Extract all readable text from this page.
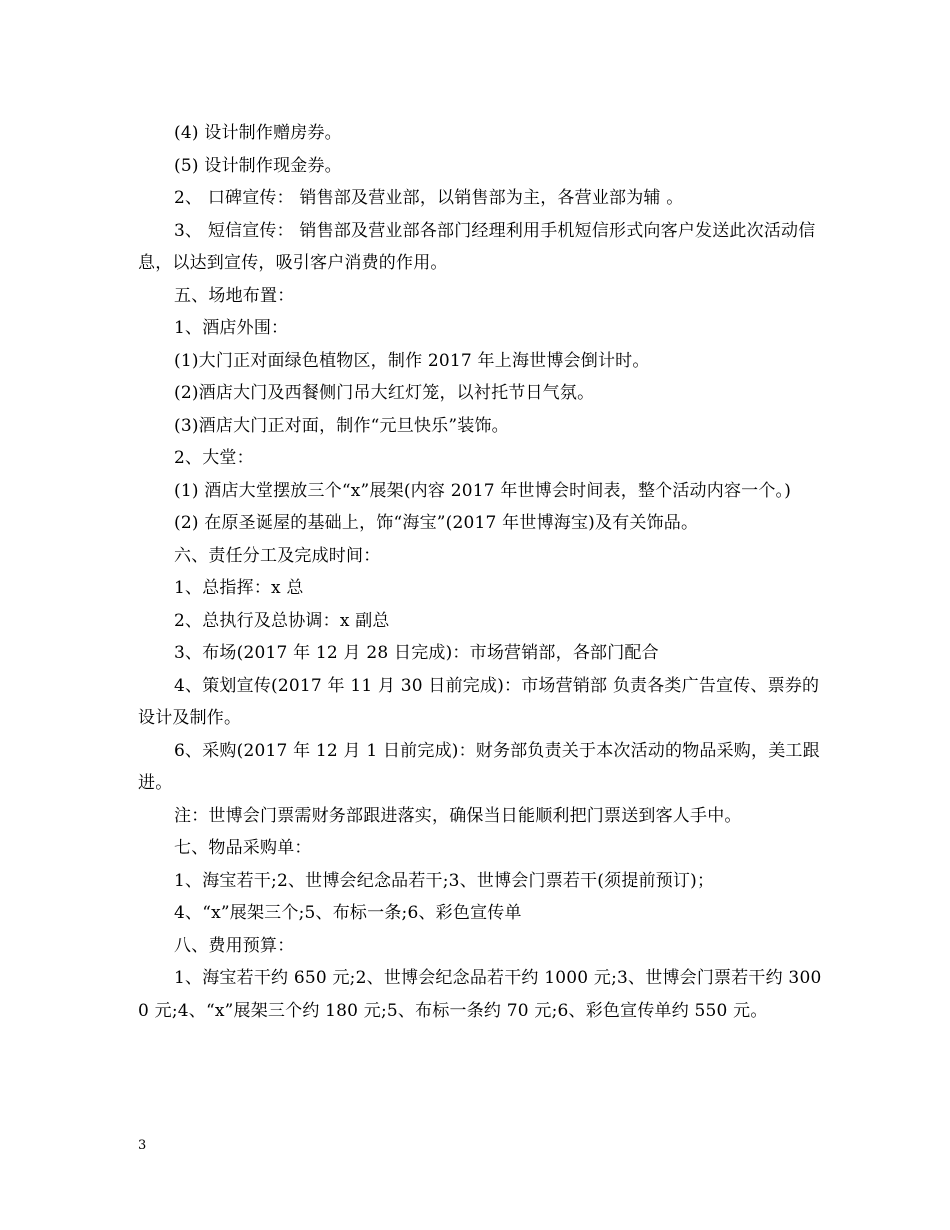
(4) 设计制作赠房券。

(5) 设计制作现金券。

2、 口碑宣传： 销售部及营业部，以销售部为主，各营业部为辅 。

3、 短信宣传： 销售部及营业部各部门经理利用手机短信形式向客户发送此次活动信息，以达到宣传，吸引客户消费的作用。

五、场地布置：

1、酒店外围：

(1)大门正对面绿色植物区，制作 2017 年上海世博会倒计时。

(2)酒店大门及西餐侧门吊大红灯笼，以衬托节日气氛。

(3)酒店大门正对面，制作“元旦快乐”装饰。

2、大堂：

(1) 酒店大堂摆放三个“x”展架(内容 2017 年世博会时间表，整个活动内容一个。)

(2) 在原圣诞屋的基础上，饰“海宝”(2017 年世博海宝)及有关饰品。

六、责任分工及完成时间：

1、总指挥：x 总

2、总执行及总协调：x 副总

3、布场(2017 年 12 月 28 日完成)：市场营销部，各部门配合

4、策划宣传(2017 年 11 月 30 日前完成)：市场营销部 负责各类广告宣传、票券的设计及制作。

6、采购(2017 年 12 月 1 日前完成)：财务部负责关于本次活动的物品采购，美工跟进。

注：世博会门票需财务部跟进落实，确保当日能顺利把门票送到客人手中。

七、物品采购单：

1、海宝若干;2、世博会纪念品若干;3、世博会门票若干(须提前预订)；

4、“x”展架三个;5、布标一条;6、彩色宣传单

八、费用预算：

1、海宝若干约 650 元;2、世博会纪念品若干约 1000 元;3、世博会门票若干约 3000 元;4、“x”展架三个约 180 元;5、布标一条约 70 元;6、彩色宣传单约 550 元。

3
